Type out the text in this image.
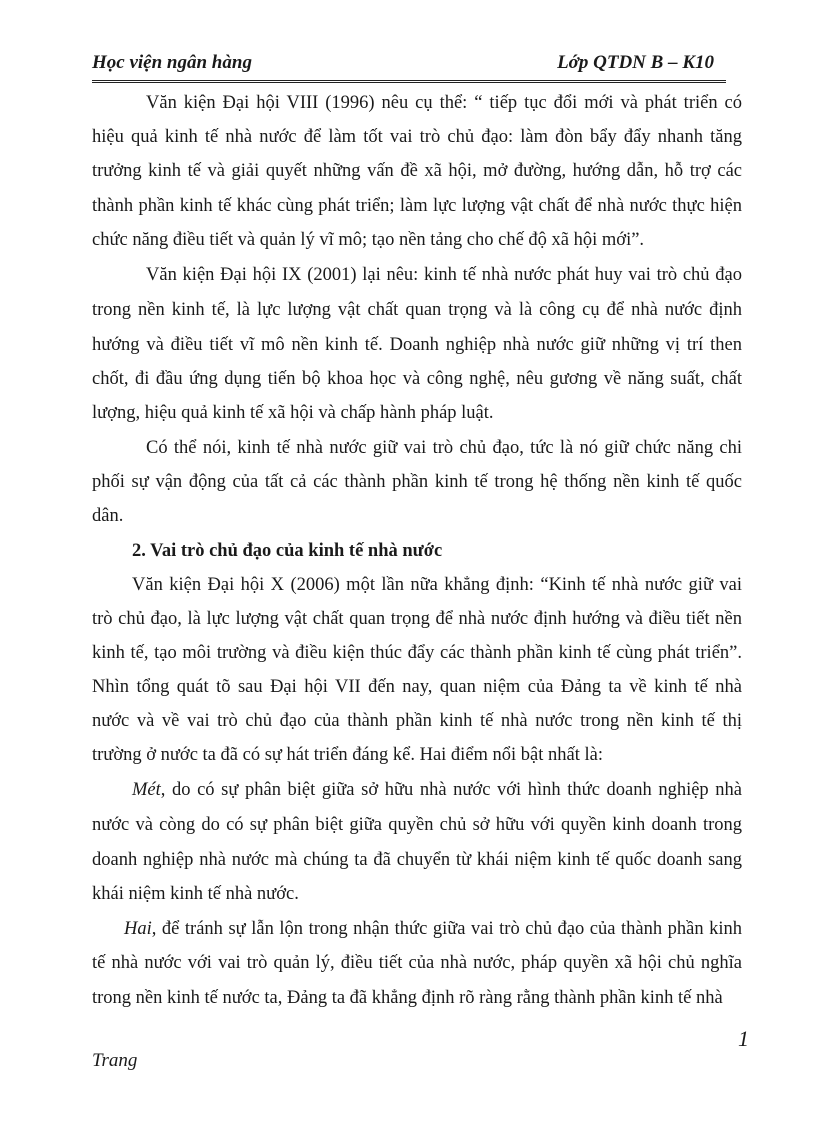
Học viện ngân hàng	Lớp QTDN B – K10
Văn kiện Đại hội VIII (1996) nêu cụ thể: “ tiếp tục đổi mới và phát triển có
hiệu quả kinh tế nhà nước để làm tốt vai trò chủ đạo: làm đòn bẩy đẩy nhanh tăng
trưởng kinh tế và giải quyết những vấn đề xã hội, mở đường, hướng dẫn, hỗ trợ các
thành phần kinh tế khác cùng phát triển; làm lực lượng vật chất để nhà nước thực hiện
chức năng điều tiết và quản lý vĩ mô; tạo nền tảng cho chế độ xã hội mới”.
Văn kiện Đại hội IX (2001) lại nêu: kinh tế nhà nước phát huy vai trò chủ đạo
trong nền kinh tế, là lực lượng vật chất quan trọng và là công cụ để nhà nước định
hướng và điều tiết vĩ mô nền kinh tế. Doanh nghiệp nhà nước giữ những vị trí then
chốt, đi đầu ứng dụng tiến bộ khoa học và công nghệ, nêu gương về năng suất, chất
lượng, hiệu quả kinh tế xã hội và chấp hành pháp luật.
Có thể nói, kinh tế nhà nước giữ vai trò chủ đạo, tức là nó giữ chức năng chi
phối sự vận động của tất cả các thành phần kinh tế trong hệ thống nền kinh tế quốc
dân.
2. Vai trò chủ đạo của kinh tế nhà nước
Văn kiện Đại hội X (2006) một lần nữa khẳng định: “Kinh tế nhà nước giữ vai
trò chủ đạo, là lực lượng vật chất quan trọng để nhà nước định hướng và điều tiết nền
kinh tế, tạo môi trường và điều kiện thúc đẩy các thành phần kinh tế cùng phát triển”.
Nhìn tổng quát tõ sau Đại hội VII đến nay, quan niệm của Đảng ta về kinh tế nhà
nước và về vai trò chủ đạo của thành phần kinh tế nhà nước trong nền kinh tế thị
trường ở nước ta đã có sự hát triển đáng kể. Hai điểm nổi bật nhất là:
Mét, do có sự phân biệt giữa sở hữu nhà nước với hình thức doanh nghiệp nhà
nước và còng do có sự phân biệt giữa quyền chủ sở hữu với quyền kinh doanh trong
doanh nghiệp nhà nước mà chúng ta đã chuyển từ khái niệm kinh tế quốc doanh sang
khái niệm kinh tế nhà nước.
Hai, để tránh sự lẫn lộn trong nhận thức giữa vai trò chủ đạo của thành phần kinh
tế nhà nước với vai trò quản lý, điều tiết của nhà nước, pháp quyền xã hội chủ nghĩa
trong nền kinh tế nước ta, Đảng ta đã khẳng định rõ ràng rằng thành phần kinh tế nhà
1
Trang
